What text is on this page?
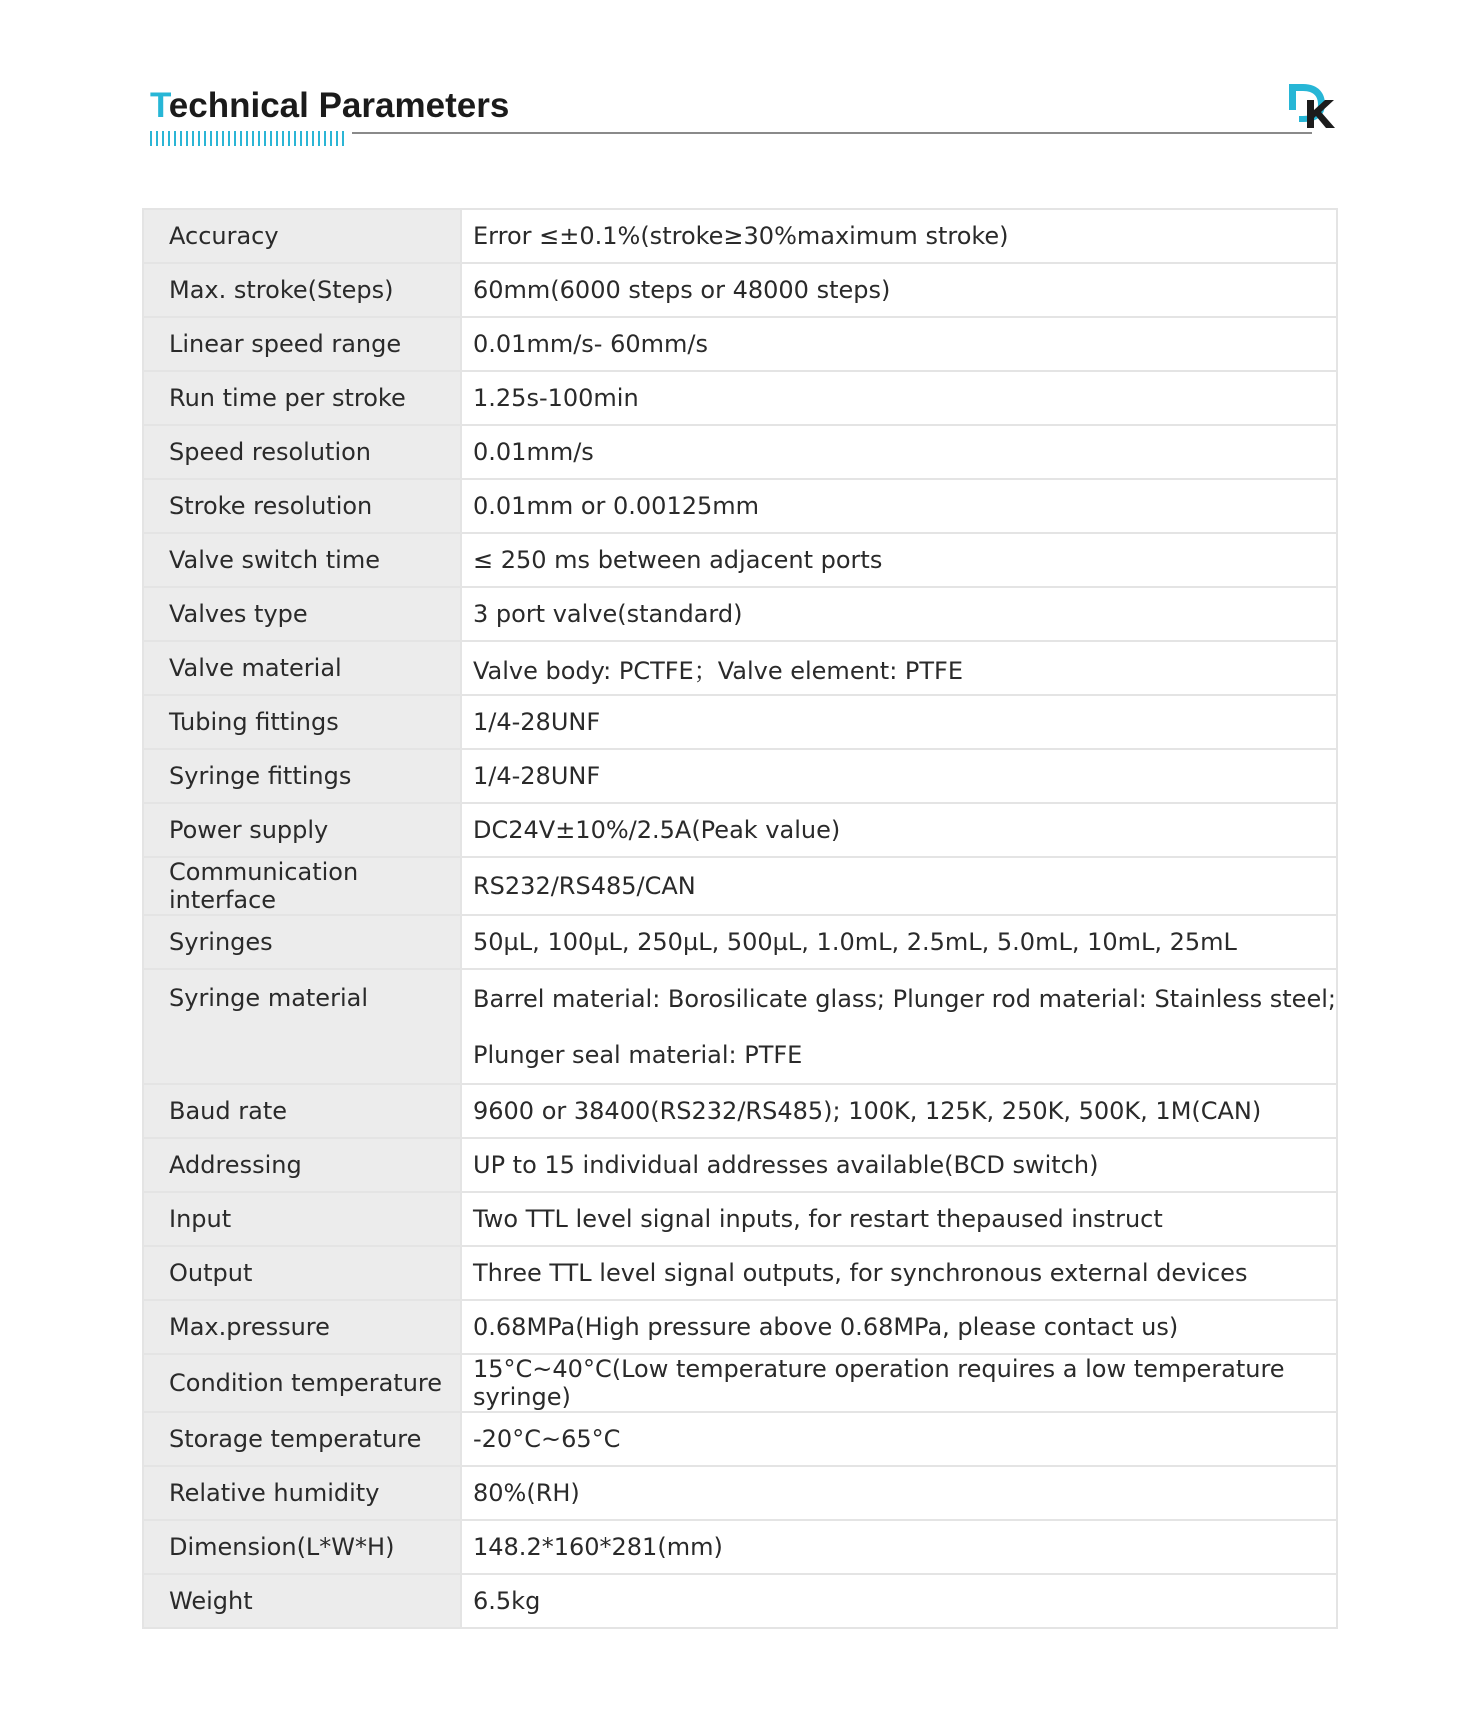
Technical Parameters
Accuracy	Error ≤±0.1%(stroke≥30%maximum stroke)
Max. stroke(Steps)	60mm(6000 steps or 48000 steps)
Linear speed range	0.01mm/s- 60mm/s
Run time per stroke	1.25s-100min
Speed resolution	0.01mm/s
Stroke resolution	0.01mm or 0.00125mm
Valve switch time	≤ 250 ms between adjacent ports
Valves type	3 port valve(standard)
Valve material	Valve body: PCTFE；Valve element: PTFE
Tubing fittings	1/4-28UNF
Syringe fittings	1/4-28UNF
Power supply	DC24V±10%/2.5A(Peak value)
Communication interface	RS232/RS485/CAN
Syringes	50µL, 100µL, 250µL, 500µL, 1.0mL, 2.5mL, 5.0mL, 10mL, 25mL
Syringe material	Barrel material: Borosilicate glass; Plunger rod material: Stainless steel;
Plunger seal material: PTFE

Baud rate	9600 or 38400(RS232/RS485); 100K, 125K, 250K, 500K, 1M(CAN)
Addressing	UP to 15 individual addresses available(BCD switch)
Input	Two TTL level signal inputs, for restart thepaused instruct
Output	Three TTL level signal outputs, for synchronous external devices
Max.pressure	0.68MPa(High pressure above 0.68MPa, please contact us)
Condition temperature	15°C~40°C(Low temperature operation requires a low temperature syringe)
Storage temperature	-20°C~65°C
Relative humidity	80%(RH)
Dimension(L*W*H)	148.2*160*281(mm)
Weight	6.5kg
